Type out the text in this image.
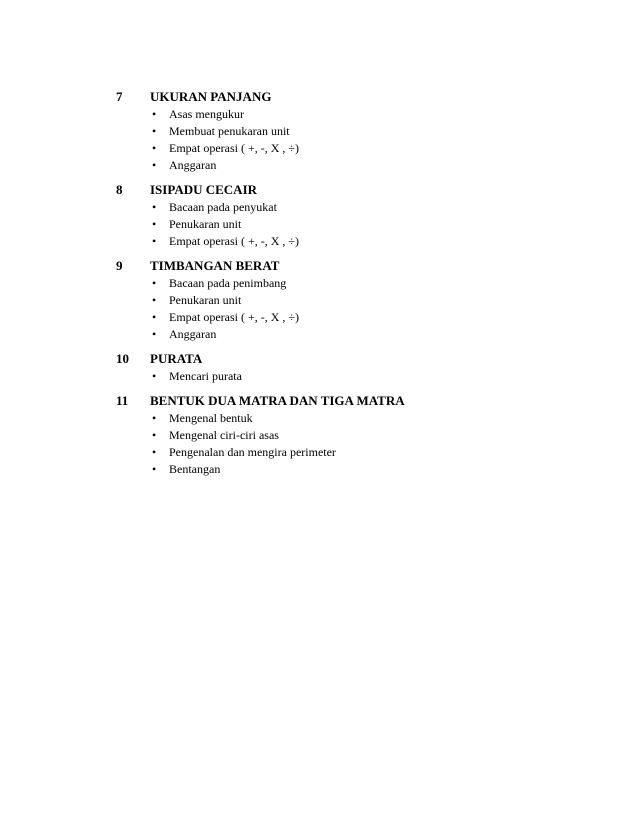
7 UKURAN PANJANG
• Asas mengukur
• Membuat penukaran unit
• Empat operasi ( +, -, X , ÷)
• Anggaran
8 ISIPADU CECAIR
• Bacaan pada penyukat
• Penukaran unit
• Empat operasi ( +, -, X , ÷)
9 TIMBANGAN BERAT
• Bacaan pada penimbang
• Penukaran unit
• Empat operasi ( +, -, X , ÷)
• Anggaran
10 PURATA
• Mencari purata
11 BENTUK DUA MATRA DAN TIGA MATRA
• Mengenal bentuk
• Mengenal ciri-ciri asas
• Pengenalan dan mengira perimeter
• Bentangan
